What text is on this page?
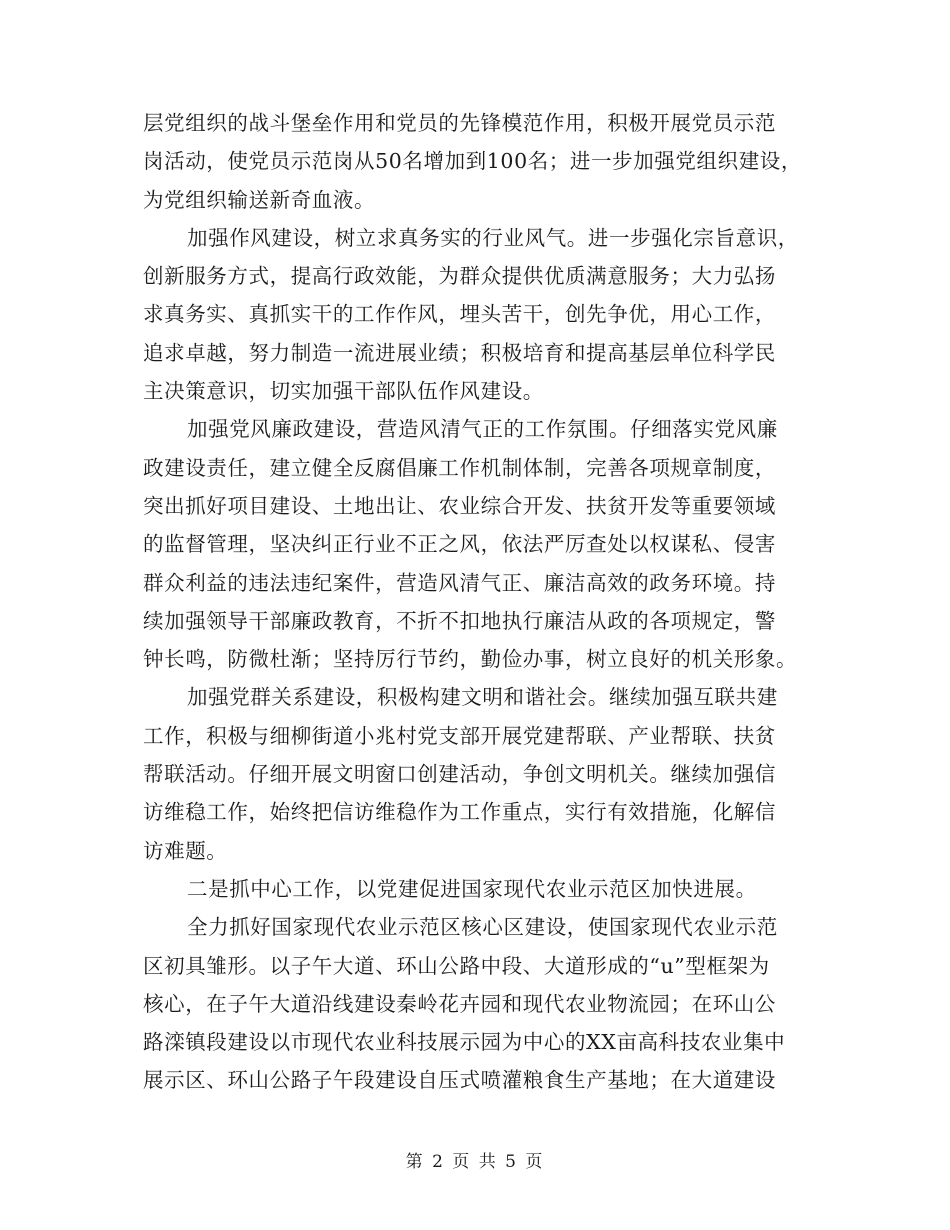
层党组织的战斗堡垒作用和党员的先锋模范作用，积极开展党员示范
岗活动，使党员示范岗从50名增加到100名；进一步加强党组织建设，
为党组织输送新奇血液。
加强作风建设，树立求真务实的行业风气。进一步强化宗旨意识，
创新服务方式，提高行政效能，为群众提供优质满意服务；大力弘扬
求真务实、真抓实干的工作作风，埋头苦干，创先争优，用心工作，
追求卓越，努力制造一流进展业绩；积极培育和提高基层单位科学民
主决策意识，切实加强干部队伍作风建设。
加强党风廉政建设，营造风清气正的工作氛围。仔细落实党风廉
政建设责任，建立健全反腐倡廉工作机制体制，完善各项规章制度，
突出抓好项目建设、土地出让、农业综合开发、扶贫开发等重要领域
的监督管理，坚决纠正行业不正之风，依法严厉查处以权谋私、侵害
群众利益的违法违纪案件，营造风清气正、廉洁高效的政务环境。持
续加强领导干部廉政教育，不折不扣地执行廉洁从政的各项规定，警
钟长鸣，防微杜渐；坚持厉行节约，勤俭办事，树立良好的机关形象。
加强党群关系建设，积极构建文明和谐社会。继续加强互联共建
工作，积极与细柳街道小兆村党支部开展党建帮联、产业帮联、扶贫
帮联活动。仔细开展文明窗口创建活动，争创文明机关。继续加强信
访维稳工作，始终把信访维稳作为工作重点，实行有效措施，化解信
访难题。
二是抓中心工作，以党建促进国家现代农业示范区加快进展。
全力抓好国家现代农业示范区核心区建设，使国家现代农业示范
区初具雏形。以子午大道、环山公路中段、大道形成的“u”型框架为
核心，在子午大道沿线建设秦岭花卉园和现代农业物流园；在环山公
路滦镇段建设以市现代农业科技展示园为中心的XX亩高科技农业集中
展示区、环山公路子午段建设自压式喷灌粮食生产基地；在大道建设
第 2 页 共 5 页
